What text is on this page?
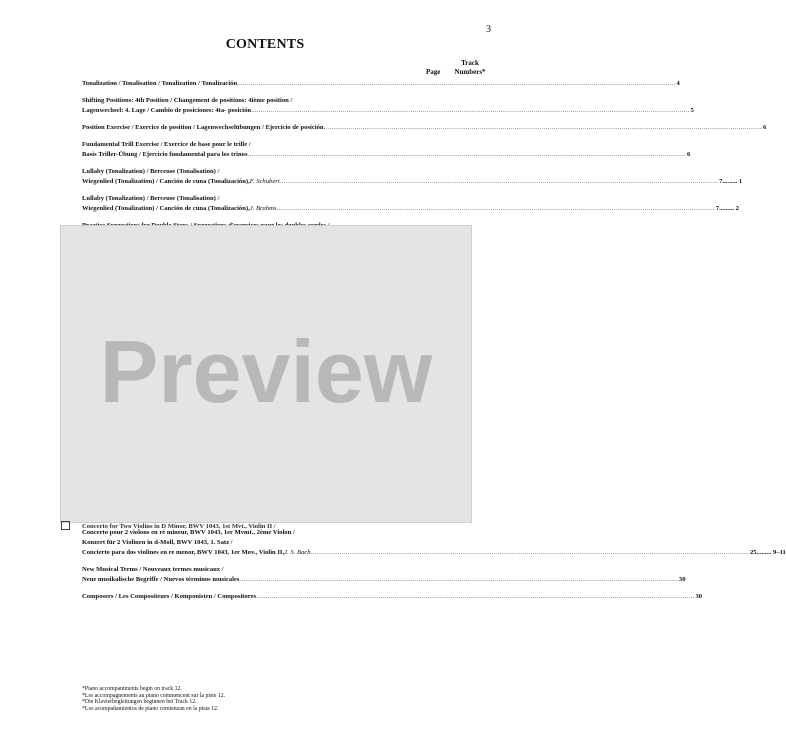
3
CONTENTS
Page
Track
Numbers*
Tonalization / Tonalisation / Tonalization / Tonalización ................................................................................................................................................................................................................................. 4
Shifting Positions: 4th Position / Changement de positions: 4ième position /
Lagenwechsel: 4. Lage / Cambio de posiciones: 4ta- posición ................................................................................................................................................................................................................................. 5
Position Exercise / Exercice de position / Lagenwechselübungen / Ejercicio de posición ................................................................................................................................................................................................................................. 6
Fundamental Trill Exercise / Exercice de base pour le trille /
Basis Triller-Übung / Ejercicio fundamental para los trinos ................................................................................................................................................................................................................................. 6
Lullaby (Tonalization) / Berceuse (Tonalisation) /
Wiegenlied (Tonalization) / Canción de cuna (Tonalización), F. Schubert ................................................................................................................................................................................................................................. 7 ......... 1
Lullaby (Tonalization) / Berceuse (Tonalisation) /
Wiegenlied (Tonalization) / Canción de cuna (Tonalización), J. Brahms ................................................................................................................................................................................................................................. 7 ......... 2
Preview
Concerto for Two Violins in D Minor, BWV 1043, 1st Mvt., Violin II /
Concerto pour 2 violons en ré mineur, BWV 1043, 1er Mvmt., 2ème Violon /
Konzert für 2 Violinen in d-Moll, BWV 1043, 1. Satz /
Concierto para dos violines en re menor, BWV 1043, 1er Mov., Violin II, J. S. Bach ................................................................................................................................................................................................................................. 25 ......... 9–11
New Musical Terms / Nouveaux termes musicaux /
Neue musikalische Begriffe / Nuevos términos musicales ................................................................................................................................................................................................................................. 30
Composers / Les Compositeurs / Komponisten / Compositores ................................................................................................................................................................................................................................. 30
*Piano accompaniments begin on track 12.
*Les accompagnements au piano commencent sur la piste 12.
*Die Klavierbegleitungen beginnen bei Track 12.
*Los acompañamientos de piano comienzan en la pista 12.
